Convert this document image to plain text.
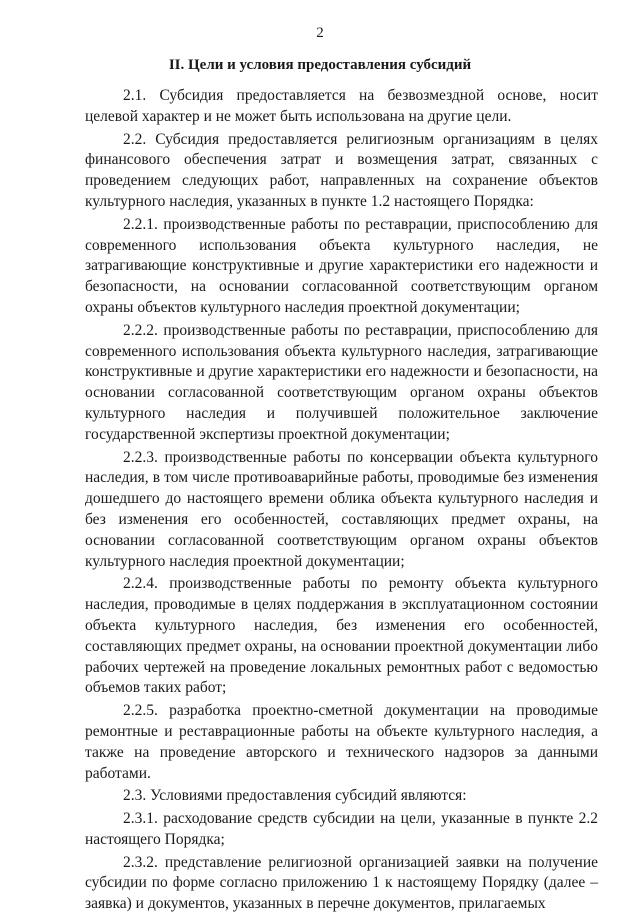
2
II. Цели и условия предоставления субсидий

2.1. Субсидия предоставляется на безвозмездной основе, носит целевой характер и не может быть использована на другие цели.

2.2. Субсидия предоставляется религиозным организациям в целях финансового обеспечения затрат и возмещения затрат, связанных с проведением следующих работ, направленных на сохранение объектов культурного наследия, указанных в пункте 1.2 настоящего Порядка:

2.2.1. производственные работы по реставрации, приспособлению для современного использования объекта культурного наследия, не затрагивающие конструктивные и другие характеристики его надежности и безопасности, на основании согласованной соответствующим органом охраны объектов культурного наследия проектной документации;

2.2.2. производственные работы по реставрации, приспособлению для современного использования объекта культурного наследия, затрагивающие конструктивные и другие характеристики его надежности и безопасности, на основании согласованной соответствующим органом охраны объектов культурного наследия и получившей положительное заключение государственной экспертизы проектной документации;

2.2.3. производственные работы по консервации объекта культурного наследия, в том числе противоаварийные работы, проводимые без изменения дошедшего до настоящего времени облика объекта культурного наследия и без изменения его особенностей, составляющих предмет охраны, на основании согласованной соответствующим органом охраны объектов культурного наследия проектной документации;

2.2.4. производственные работы по ремонту объекта культурного наследия, проводимые в целях поддержания в эксплуатационном состоянии объекта культурного наследия, без изменения его особенностей, составляющих предмет охраны, на основании проектной документации либо рабочих чертежей на проведение локальных ремонтных работ с ведомостью объемов таких работ;

2.2.5. разработка проектно-сметной документации на проводимые ремонтные и реставрационные работы на объекте культурного наследия, а также на проведение авторского и технического надзоров за данными работами.

2.3. Условиями предоставления субсидий являются:

2.3.1. расходование средств субсидии на цели, указанные в пункте 2.2 настоящего Порядка;

2.3.2. представление религиозной организацией заявки на получение субсидии по форме согласно приложению 1 к настоящему Порядку (далее – заявка) и документов, указанных в перечне документов, прилагаемых
